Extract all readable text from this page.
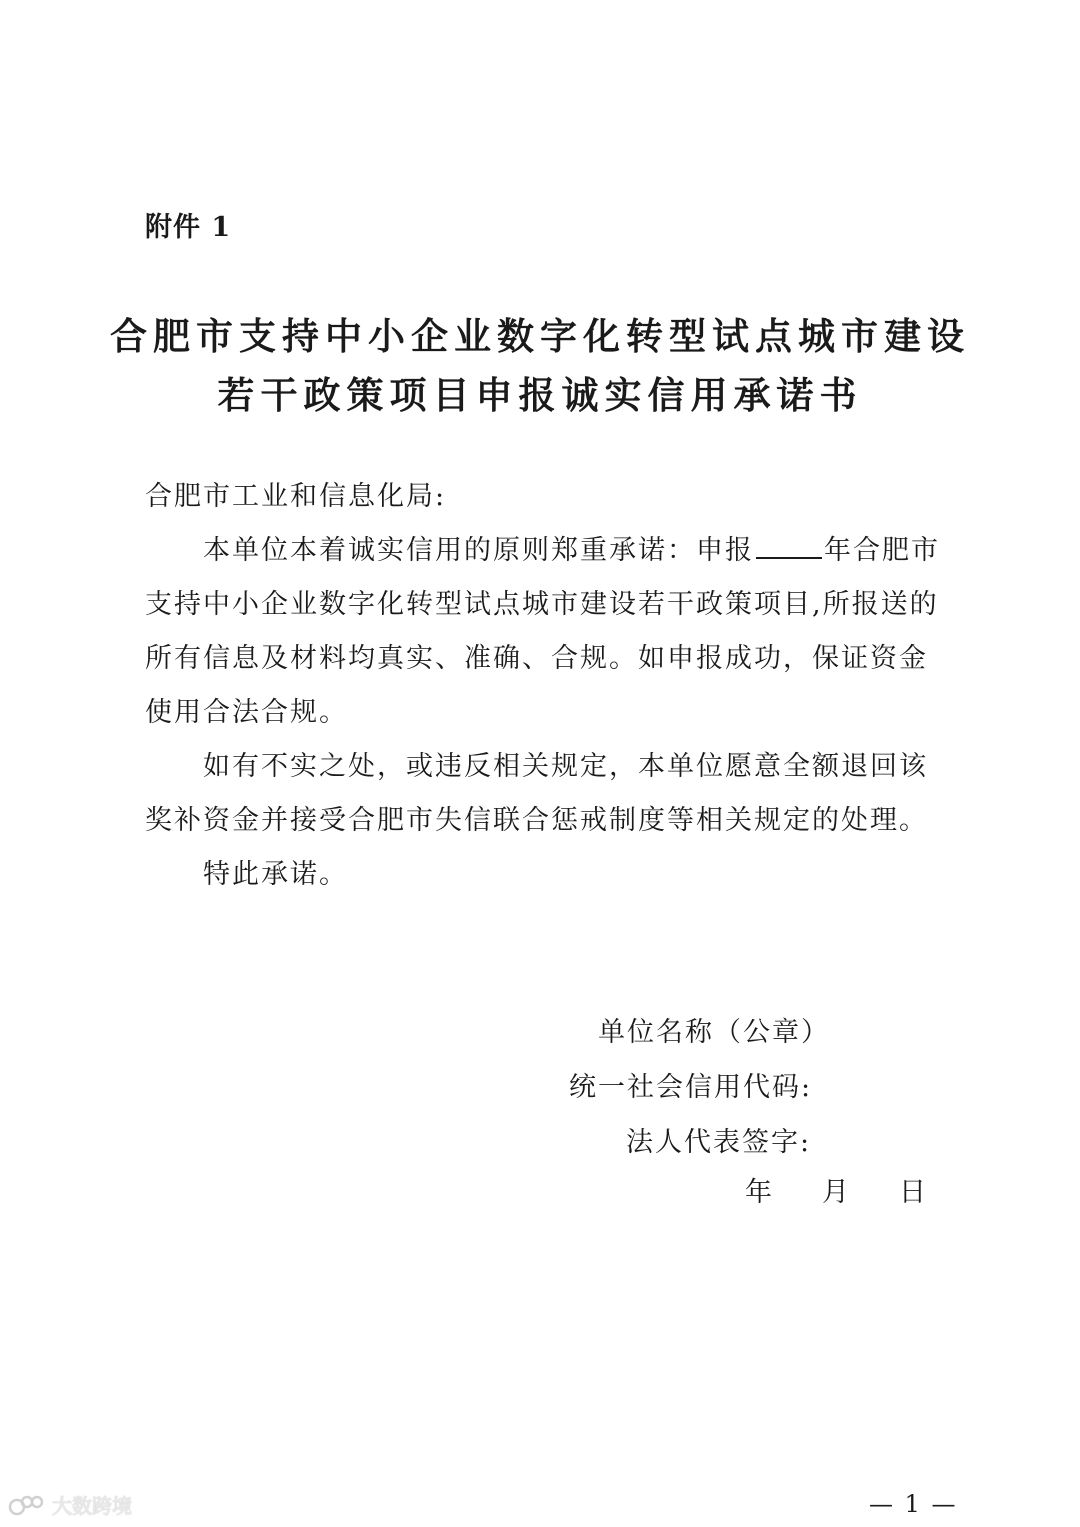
附件 1
合肥市支持中小企业数字化转型试点城市建设
若干政策项目申报诚实信用承诺书
合肥市工业和信息化局:
本单位本着诚实信用的原则郑重承诺：申报	年合肥市支持中小企业数字化转型试点城市建设若干政策项目,所报送的所有信息及材料均真实、准确、合规。如申报成功，保证资金使用合法合规。
如有不实之处，或违反相关规定，本单位愿意全额退回该奖补资金并接受合肥市失信联合惩戒制度等相关规定的处理。
特此承诺。
单位名称（公章）
统一社会信用代码:
法人代表签字:
年 月 日
— 1 —
大数跨境
